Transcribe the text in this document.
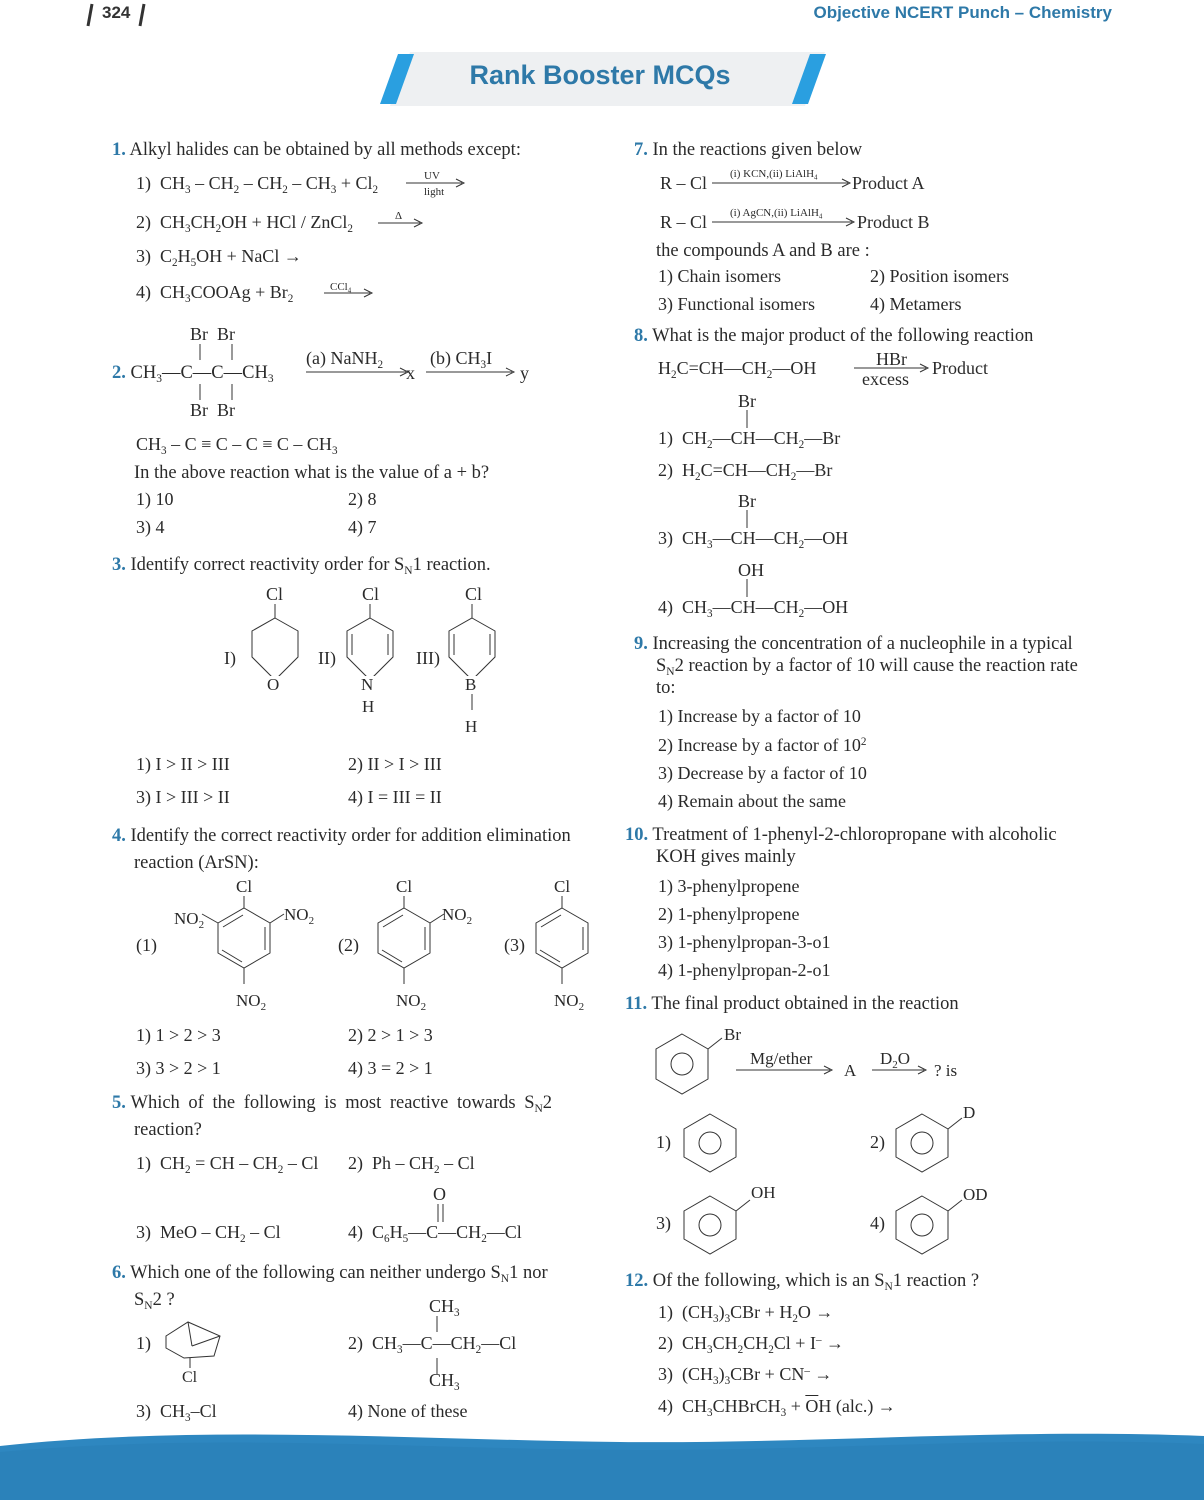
324	Objective NCERT Punch – Chemistry
Rank Booster MCQs
1. Alkyl halides can be obtained by all methods except:
1)  $CH_3 - CH_2 - CH_2 - CH_3 + Cl_2$
UV
light
2)  $CH_3CH_2OH$ + HCl / ZnCl$_2$
Δ
3)  $C_2H_5OH$ + NaCl →
4)  $CH_3COOAg + Br_2$
CCl$_4$
Br Br
2. $CH_3—C—C—CH_3$
(a) NaNH$_2$ x
(b) $CH_3I$
y
Br Br
$CH_3 - C \equiv C - C \equiv C - CH_3$
In the above reaction what is the value of a + b?
1) 10	2) 8
3) 4	4) 7
3. Identify correct reactivity order for $S_N1$ reaction.
Cl
O
I)
Cl
N
H
II)
Cl
B
H
III)
1) I > II > III	2) II > I > III
3) I > III > II	4) I = III = II
4. Identify the correct reactivity order for addition elimination
reaction (ArSN):
(1)
Cl
$NO_2$
$NO_2$
$NO_2$
(2)
Cl
$NO_2$
$NO_2$
(3)
Cl
$NO_2$
1) 1 > 2 > 3	2) 2 > 1 > 3
3) 3 > 2 > 1	4) 3 = 2 > 1
5. Which of the following is most reactive towards $S_N2$
reaction?
1)  $CH_2$ = CH – $CH_2$ – Cl 2)  Ph – $CH_2$ – Cl
O
3)  MeO – $CH_2$ – Cl	4)  $C_6H_5—C—CH_2—Cl$
6. Which one of the following can neither undergo $S_N1$ nor
$S_N2$ ?
1)
Cl
$CH_3$
2)  $CH_3—C—CH_2—Cl$
$CH_3$
3)  $CH_3-Cl$	4) None of these
7. In the reactions given below
R – Cl (i) KCN,(ii) LiAlH$_4$ Product A
R – Cl (i) AgCN,(ii) LiAlH$_4$ Product B
the compounds A and B are :
1) Chain isomers	2) Position isomers
3) Functional isomers	4) Metamers
8. What is the major product of the following reaction
$H_2C=CH—CH_2—OH$	HBr
excess
Product
Br
1)  $CH_2—CH—CH_2—Br$
2)  $H_2C=CH—CH_2—Br$
Br
3)  $CH_3—CH—CH_2—OH$
OH
4)  $CH_3—CH—CH_2—OH$
9. Increasing the concentration of a nucleophile in a typical
$S_N2$ reaction by a factor of 10 will cause the reaction rate
to:
1) Increase by a factor of 10
2) Increase by a factor of $10^2$
3) Decrease by a factor of 10
4) Remain about the same
10. Treatment of 1-phenyl-2-chloropropane with alcoholic
KOH gives mainly
1) 3-phenylpropene
2) 1-phenylpropene
3) 1-phenylpropan-3-o1
4) 1-phenylpropan-2-o1
11. The final product obtained in the reaction
Br
Mg/ether
A
$D_2O$
? is
1)	2)
D
3)
OH
4)
OD
12. Of the following, which is an $S_N1$ reaction ?
1)  $(CH_3)_3CBr + H_2O$ →
2)  $CH_3CH_2CH_2Cl + I^-$ →
3)  $(CH_3)_3CBr + CN^-$ →
4)  $CH_3CHBrCH_3 + \overline{O}H$ (alc.) →
